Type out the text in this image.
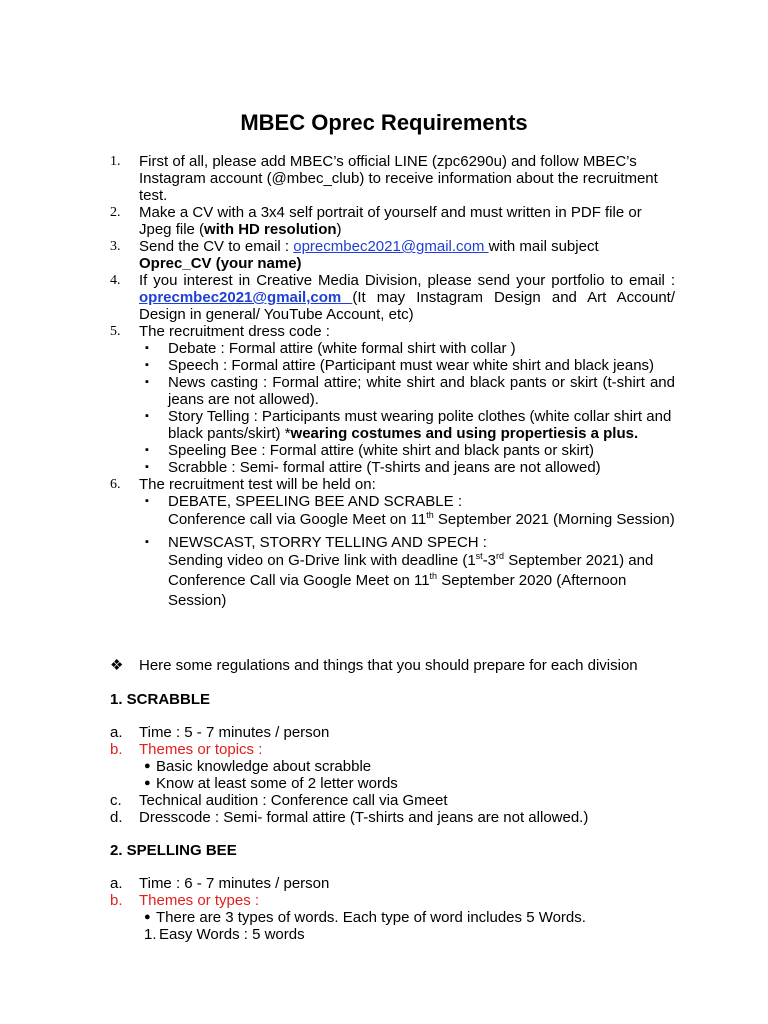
MBEC Oprec Requirements
1. First of all, please add MBEC’s official LINE (zpc6290u) and follow MBEC’s Instagram account (@mbec_club) to receive information about the recruitment test.
2. Make a CV with a 3x4 self portrait of yourself and must written in PDF file or Jpeg file (with HD resolution)
3. Send the CV to email : oprecmbec2021@gmail.com with mail subject
Oprec_CV (your name)
4. If you interest in Creative Media Division, please send your portfolio to email : oprecmbec2021@gmail,com (It may Instagram Design and Art Account/ Design in general/ YouTube Account, etc)
5. The recruitment dress code :
▪ Debate : Formal attire (white formal shirt with collar )
▪ Speech : Formal attire (Participant must wear white shirt and black jeans)
▪ News casting : Formal attire; white shirt and black pants or skirt (t-shirt and jeans are not allowed).
▪ Story Telling : Participants must wearing polite clothes (white collar shirt and black pants/skirt) *wearing costumes and using propertiesis a plus.
▪ Speeling Bee : Formal attire (white shirt and black pants or skirt)
▪ Scrabble : Semi- formal attire (T-shirts and jeans are not allowed)
6. The recruitment test will be held on:
▪ DEBATE, SPEELING BEE AND SCRABLE :
Conference call via Google Meet on 11th September 2021 (Morning Session)
▪ NEWSCAST, STORRY TELLING AND SPECH :
Sending video on G-Drive link with deadline (1st-3rd September 2021) and Conference Call via Google Meet on 11th September 2020 (Afternoon Session)
❖ Here some regulations and things that you should prepare for each division
1. SCRABBLE
a. Time : 5 - 7 minutes / person
b. Themes or topics :
● Basic knowledge about scrabble
● Know at least some of 2 letter words
c. Technical audition : Conference call via Gmeet
d. Dresscode : Semi- formal attire (T-shirts and jeans are not allowed.)
2. SPELLING BEE
a. Time : 6 - 7 minutes / person
b. Themes or types :
● There are 3 types of words. Each type of word includes 5 Words.
1. Easy Words : 5 words
